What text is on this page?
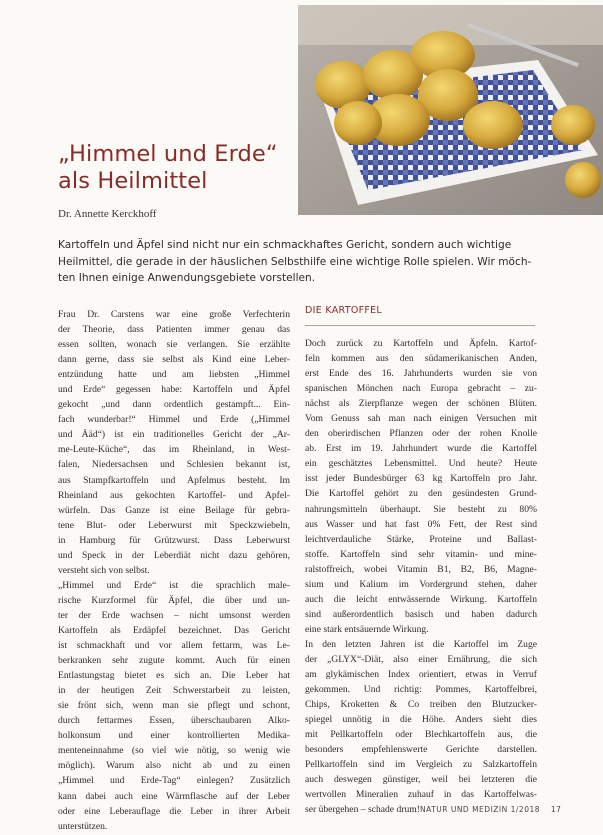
„Himmel und Erde“
als Heilmittel
Dr. Annette Kerckhoff
Kartoffeln und Äpfel sind nicht nur ein schmackhaftes Gericht, sondern auch wichtige
Heilmittel, die gerade in der häuslichen Selbsthilfe eine wichtige Rolle spielen. Wir möch-
ten Ihnen einige Anwendungsgebiete vorstellen.
Frau Dr. Carstens war eine große Verfechterin
der Theorie, dass Patienten immer genau das
essen sollten, wonach sie verlangen. Sie erzählte
dann gerne, dass sie selbst als Kind eine Leber-
entzündung hatte und am liebsten „Himmel
und Erde“ gegessen habe: Kartoffeln und Äpfel
gekocht „und dann ordentlich gestampft... Ein-
fach wunderbar!“ Himmel und Erde („Himmel
und Ääd“) ist ein traditionelles Gericht der „Ar-
me-Leute-Küche“, das im Rheinland, in West-
falen, Niedersachsen und Schlesien bekannt ist,
aus Stampfkartoffeln und Apfelmus besteht. Im
Rheinland aus gekochten Kartoffel- und Apfel-
würfeln. Das Ganze ist eine Beilage für gebra-
tene Blut- oder Leberwurst mit Speckzwiebeln,
in Hamburg für Grützwurst. Dass Leberwurst
und Speck in der Leberdiät nicht dazu gehören,
versteht sich von selbst.
„Himmel und Erde“ ist die sprachlich male-
rische Kurzformel für Äpfel, die über und un-
ter der Erde wachsen – nicht umsonst werden
Kartoffeln als Erdäpfel bezeichnet. Das Gericht
ist schmackhaft und vor allem fettarm, was Le-
berkranken sehr zugute kommt. Auch für einen
Entlastungstag bietet es sich an. Die Leber hat
in der heutigen Zeit Schwerstarbeit zu leisten,
sie frönt sich, wenn man sie pflegt und schont,
durch fettarmes Essen, überschaubaren Alko-
holkonsum und einer kontrollierten Medika-
menteneinnahme (so viel wie nötig, so wenig wie
möglich). Warum also nicht ab und zu einen
„Himmel und Erde-Tag“ einlegen? Zusätzlich
kann dabei auch eine Wärmflasche auf der Leber
oder eine Leberauflage die Leber in ihrer Arbeit
unterstützen.
DIE KARTOFFEL
Doch zurück zu Kartoffeln und Äpfeln. Kartof-
feln kommen aus den südamerikanischen Anden,
erst Ende des 16. Jahrhunderts wurden sie von
spanischen Mönchen nach Europa gebracht – zu-
nächst als Zierpflanze wegen der schönen Blüten.
Vom Genuss sah man nach einigen Versuchen mit
den oberirdischen Pflanzen oder der rohen Knolle
ab. Erst im 19. Jahrhundert wurde die Kartoffel
ein geschätztes Lebensmittel. Und heute? Heute
isst jeder Bundesbürger 63 kg Kartoffeln pro Jahr.
Die Kartoffel gehört zu den gesündesten Grund-
nahrungsmitteln überhaupt. Sie besteht zu 80%
aus Wasser und hat fast 0% Fett, der Rest sind
leichtverdauliche Stärke, Proteine und Ballast-
stoffe. Kartoffeln sind sehr vitamin- und mine-
ralstoffreich, wobei Vitamin B1, B2, B6, Magne-
sium und Kalium im Vordergrund stehen, daher
auch die leicht entwässernde Wirkung. Kartoffeln
sind außerordentlich basisch und haben dadurch
eine stark entsäuernde Wirkung.
In den letzten Jahren ist die Kartoffel im Zuge
der „GLYX“-Diät, also einer Ernährung, die sich
am glykämischen Index orientiert, etwas in Verruf
gekommen. Und richtig: Pommes, Kartoffelbrei,
Chips, Kroketten & Co treiben den Blutzucker-
spiegel unnötig in die Höhe. Anders sieht dies
mit Pellkartoffeln oder Blechkartoffeln aus, die
besonders empfehlenswerte Gerichte darstellen.
Pellkartoffeln sind im Vergleich zu Salzkartoffeln
auch deswegen günstiger, weil bei letzteren die
wertvollen Mineralien zuhauf in das Kartoffelwas-
ser übergehen – schade drum! NATUR UND MEDIZIN 1/2018 17
